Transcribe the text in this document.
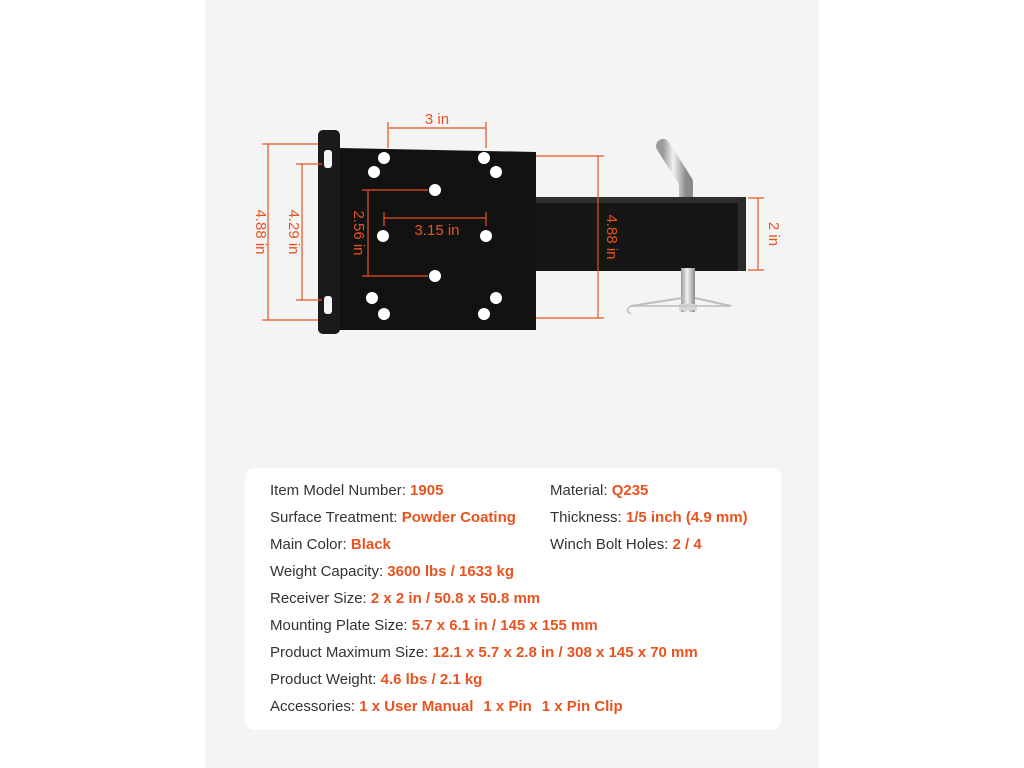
3 in
4.88 in 4.29 in	2.56 in	3.15 in	4.88 in	2 in
Item Model Number: 1905	Material: Q235
Surface Treatment: Powder Coating Thickness: 1/5 inch (4.9 mm)
Main Color: Black	Winch Bolt Holes: 2 / 4
Weight Capacity: 3600 lbs / 1633 kg
Receiver Size: 2 x 2 in / 50.8 x 50.8 mm
Mounting Plate Size: 5.7 x 6.1 in / 145 x 155 mm
Product Maximum Size: 12.1 x 5.7 x 2.8 in / 308 x 145 x 70 mm
Product Weight: 4.6 lbs / 2.1 kg
Accessories: 1 x User Manual 1 x Pin 1 x Pin Clip
